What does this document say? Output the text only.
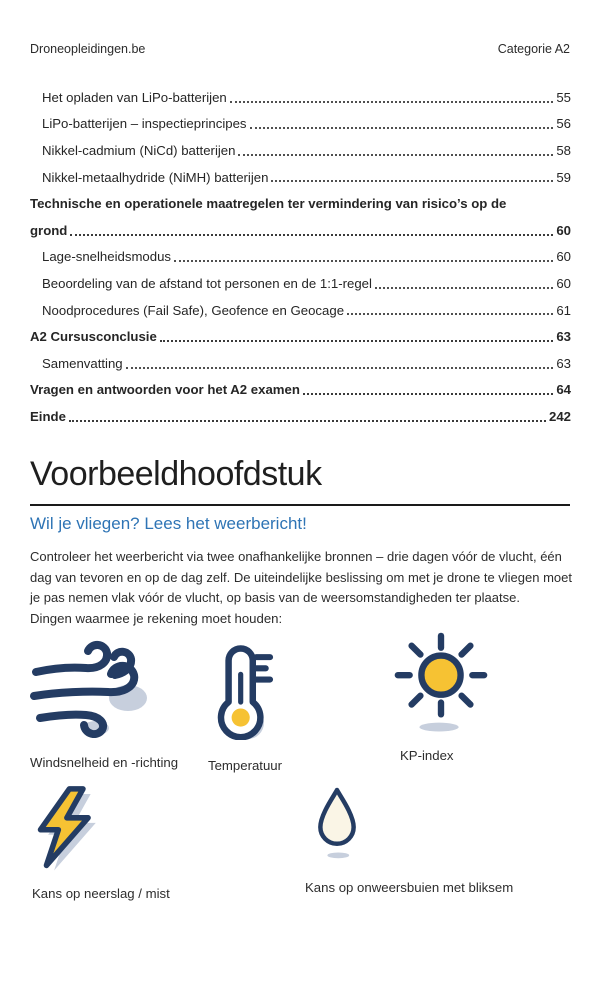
Droneopleidingen.be	Categorie A2
Het opladen van LiPo-batterijen	55
LiPo-batterijen – inspectieprincipes	56
Nikkel-cadmium (NiCd) batterijen	58
Nikkel-metaalhydride (NiMH) batterijen	59
Technische en operationele maatregelen ter vermindering van risico’s op de
grond	60
Lage-snelheidsmodus	60
Beoordeling van de afstand tot personen en de 1:1-regel	60
Noodprocedures (Fail Safe), Geofence en Geocage	61
A2 Cursusconclusie	63
Samenvatting	63
Vragen en antwoorden voor het A2 examen	64
Einde	242
Voorbeeldhoofdstuk
Wil je vliegen? Lees het weerbericht!

Controleer het weerbericht via twee onafhankelijke bronnen – drie dagen vóór de vlucht, één dag van tevoren en op de dag zelf. De uiteindelijke beslissing om met je drone te vliegen moet je pas nemen vlak vóór de vlucht, op basis van de weersomstandigheden ter plaatse.

Dingen waarmee je rekening moet houden:

Windsnelheid en -richting	Temperatuur
KP-index
Kans op neerslag / mist	Kans op onweersbuien met bliksem
